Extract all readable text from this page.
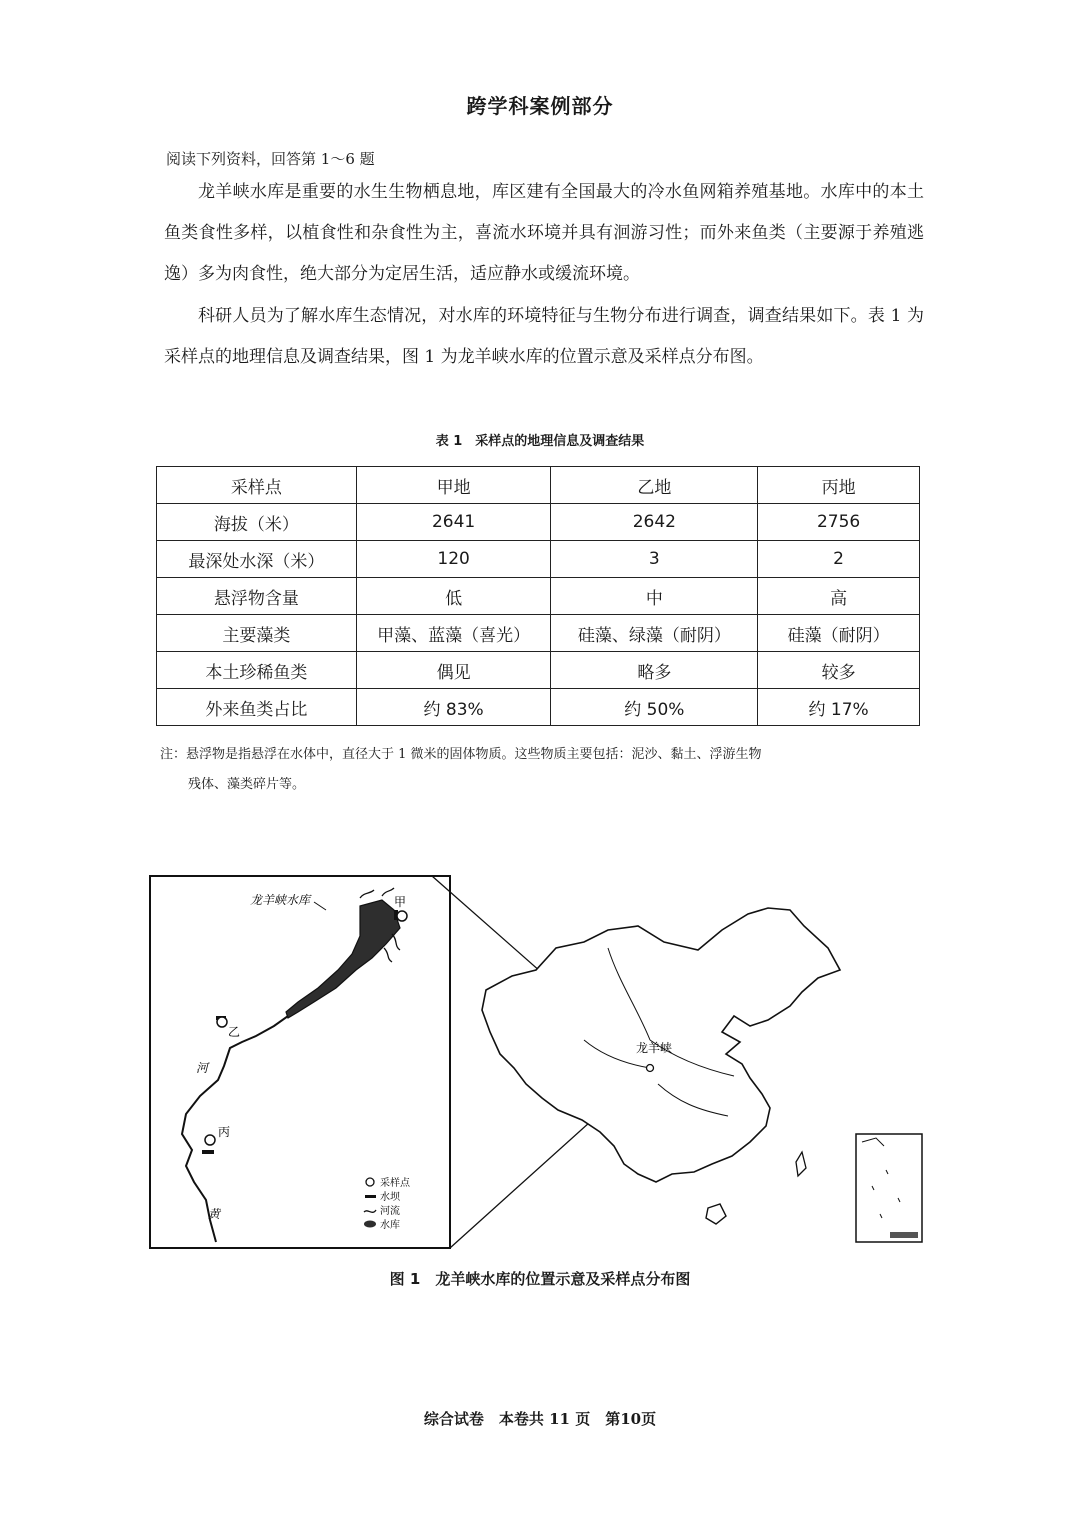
跨学科案例部分
阅读下列资料，回答第 1～6 题
龙羊峡水库是重要的水生生物栖息地，库区建有全国最大的冷水鱼网箱养殖基地。水库中的本土鱼类食性多样，以植食性和杂食性为主，喜流水环境并具有洄游习性；而外来鱼类（主要源于养殖逃逸）多为肉食性，绝大部分为定居生活，适应静水或缓流环境。
科研人员为了解水库生态情况，对水库的环境特征与生物分布进行调查，调查结果如下。表 1 为采样点的地理信息及调查结果，图 1 为龙羊峡水库的位置示意及采样点分布图。
表 1　采样点的地理信息及调查结果
采样点	甲地	乙地	丙地
海拔（米）	2641	2642	2756
最深处水深（米）	120	3	2
悬浮物含量	低	中	高
主要藻类	甲藻、蓝藻（喜光）	硅藻、绿藻（耐阴）	硅藻（耐阴）
本土珍稀鱼类	偶见	略多	较多
外来鱼类占比	约 83%	约 50%	约 17%
注：悬浮物是指悬浮在水体中，直径大于 1 微米的固体物质。这些物质主要包括：泥沙、黏土、浮游生物
残体、藻类碎片等。
龙羊峡水库	甲
乙
丙
河
黄
采样点
水坝
河流
水库
龙羊峡
图 1　龙羊峡水库的位置示意及采样点分布图
综合试卷　本卷共 11 页　第10页
